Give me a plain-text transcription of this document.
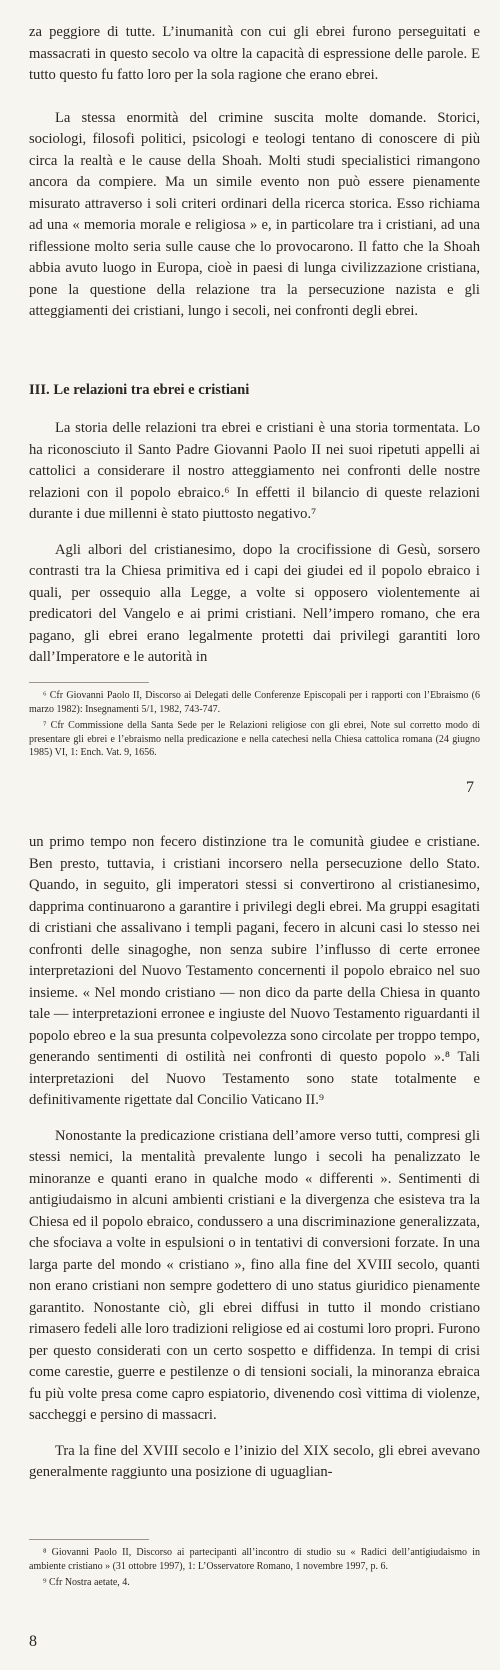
za peggiore di tutte. L’inumanità con cui gli ebrei furono perseguitati e massacrati in questo secolo va oltre la capacità di espressione delle parole. E tutto questo fu fatto loro per la sola ragione che erano ebrei.

La stessa enormità del crimine suscita molte domande. Storici, sociologi, filosofi politici, psicologi e teologi tentano di conoscere di più circa la realtà e le cause della Shoah. Molti studi specialistici rimangono ancora da compiere. Ma un simile evento non può essere pienamente misurato attraverso i soli criteri ordinari della ricerca storica. Esso richiama ad una « memoria morale e religiosa » e, in particolare tra i cristiani, ad una riflessione molto seria sulle cause che lo provocarono. Il fatto che la Shoah abbia avuto luogo in Europa, cioè in paesi di lunga civilizzazione cristiana, pone la questione della relazione tra la persecuzione nazista e gli atteggiamenti dei cristiani, lungo i secoli, nei confronti degli ebrei.

III. Le relazioni tra ebrei e cristiani

La storia delle relazioni tra ebrei e cristiani è una storia tormentata. Lo ha riconosciuto il Santo Padre Giovanni Paolo II nei suoi ripetuti appelli ai cattolici a considerare il nostro atteggiamento nei confronti delle nostre relazioni con il popolo ebraico.⁶ In effetti il bilancio di queste relazioni durante i due millenni è stato piuttosto negativo.⁷

Agli albori del cristianesimo, dopo la crocifissione di Gesù, sorsero contrasti tra la Chiesa primitiva ed i capi dei giudei ed il popolo ebraico i quali, per ossequio alla Legge, a volte si opposero violentemente ai predicatori del Vangelo e ai primi cristiani. Nell’impero romano, che era pagano, gli ebrei erano legalmente protetti dai privilegi garantiti loro dall’Imperatore e le autorità in

⁶ Cfr Giovanni Paolo II, Discorso ai Delegati delle Conferenze Episcopali per i rapporti con l’Ebraismo (6 marzo 1982): Insegnamenti 5/1, 1982, 743-747.

⁷ Cfr Commissione della Santa Sede per le Relazioni religiose con gli ebrei, Note sul corretto modo di presentare gli ebrei e l’ebraismo nella predicazione e nella catechesi nella Chiesa cattolica romana (24 giugno 1985) VI, 1: Ench. Vat. 9, 1656.

7

un primo tempo non fecero distinzione tra le comunità giudee e cristiane. Ben presto, tuttavia, i cristiani incorsero nella persecuzione dello Stato. Quando, in seguito, gli imperatori stessi si convertirono al cristianesimo, dapprima continuarono a garantire i privilegi degli ebrei. Ma gruppi esagitati di cristiani che assalivano i templi pagani, fecero in alcuni casi lo stesso nei confronti delle sinagoghe, non senza subire l’influsso di certe erronee interpretazioni del Nuovo Testamento concernenti il popolo ebraico nel suo insieme. « Nel mondo cristiano — non dico da parte della Chiesa in quanto tale — interpretazioni erronee e ingiuste del Nuovo Testamento riguardanti il popolo ebreo e la sua presunta colpevolezza sono circolate per troppo tempo, generando sentimenti di ostilità nei confronti di questo popolo ».⁸ Tali interpretazioni del Nuovo Testamento sono state totalmente e definitivamente rigettate dal Concilio Vaticano II.⁹

Nonostante la predicazione cristiana dell’amore verso tutti, compresi gli stessi nemici, la mentalità prevalente lungo i secoli ha penalizzato le minoranze e quanti erano in qualche modo « differenti ». Sentimenti di antigiudaismo in alcuni ambienti cristiani e la divergenza che esisteva tra la Chiesa ed il popolo ebraico, condussero a una discriminazione generalizzata, che sfociava a volte in espulsioni o in tentativi di conversioni forzate. In una larga parte del mondo « cristiano », fino alla fine del XVIII secolo, quanti non erano cristiani non sempre godettero di uno status giuridico pienamente garantito. Nonostante ciò, gli ebrei diffusi in tutto il mondo cristiano rimasero fedeli alle loro tradizioni religiose ed ai costumi loro propri. Furono per questo considerati con un certo sospetto e diffidenza. In tempi di crisi come carestie, guerre e pestilenze o di tensioni sociali, la minoranza ebraica fu più volte presa come capro espiatorio, divenendo così vittima di violenze, saccheggi e persino di massacri.

Tra la fine del XVIII secolo e l’inizio del XIX secolo, gli ebrei avevano generalmente raggiunto una posizione di uguaglian-

⁸ Giovanni Paolo II, Discorso ai partecipanti all’incontro di studio su « Radici dell’antigiudaismo in ambiente cristiano » (31 ottobre 1997), 1: L’Osservatore Romano, 1 novembre 1997, p. 6.

⁹ Cfr Nostra aetate, 4.

8
